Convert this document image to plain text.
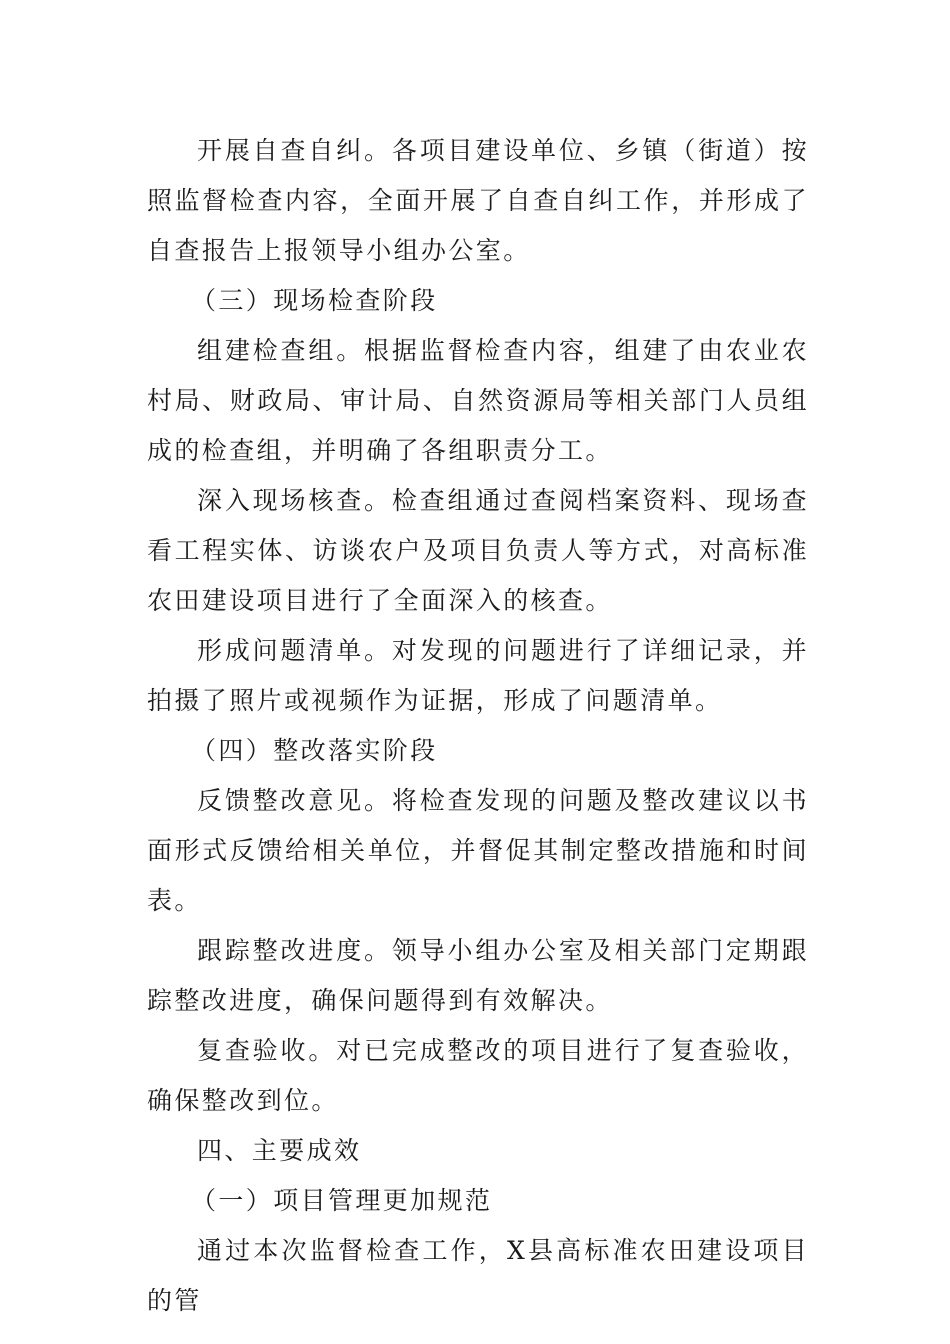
开展自查自纠。各项目建设单位、乡镇（街道）按照监督检查内容，全面开展了自查自纠工作，并形成了自查报告上报领导小组办公室。

（三）现场检查阶段

组建检查组。根据监督检查内容，组建了由农业农村局、财政局、审计局、自然资源局等相关部门人员组成的检查组，并明确了各组职责分工。

深入现场核查。检查组通过查阅档案资料、现场查看工程实体、访谈农户及项目负责人等方式，对高标准农田建设项目进行了全面深入的核查。

形成问题清单。对发现的问题进行了详细记录，并拍摄了照片或视频作为证据，形成了问题清单。

（四）整改落实阶段

反馈整改意见。将检查发现的问题及整改建议以书面形式反馈给相关单位，并督促其制定整改措施和时间表。

跟踪整改进度。领导小组办公室及相关部门定期跟踪整改进度，确保问题得到有效解决。

复查验收。对已完成整改的项目进行了复查验收，确保整改到位。

四、主要成效

（一）项目管理更加规范

通过本次监督检查工作，X县高标准农田建设项目的管
